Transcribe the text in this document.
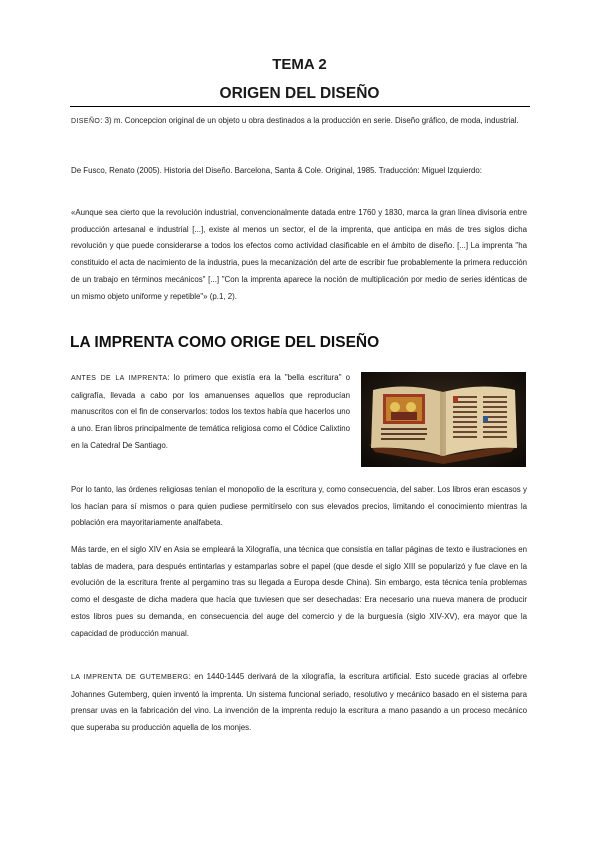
TEMA 2
ORIGEN DEL DISEÑO

DISEÑO: 3) m. Concepcion original de un objeto u obra destinados a la producción en serie. Diseño gráfico, de moda, industrial.

De Fusco, Renato (2005). Historia del Diseño. Barcelona, Santa & Cole. Original, 1985. Traducción: Miguel Izquierdo:

«Aunque sea cierto que la revolución industrial, convencionalmente datada entre 1760 y 1830, marca la gran línea divisoria entre producción artesanal e industrial [...], existe al menos un sector, el de la imprenta, que anticipa en más de tres siglos dicha revolución y que puede considerarse a todos los efectos como actividad clasificable en el ámbito de diseño. [...] La imprenta "ha constituido el acta de nacimiento de la industria, pues la mecanización del arte de escribir fue probablemente la primera reducción de un trabajo en términos mecánicos" [...] "Con la imprenta aparece la noción de multiplicación por medio de series idénticas de un mismo objeto uniforme y repetible"» (p.1, 2).

LA IMPRENTA COMO ORIGE DEL DISEÑO

ANTES DE LA IMPRENTA: lo primero que existía era la "bella escritura" o caligrafía, llevada a cabo por los amanuenses aquellos que reproducían manuscritos con el fin de conservarlos: todos los textos había que hacerlos uno a uno. Eran libros principalmente de temática religiosa como el Códice Calixtino en la Catedral De Santiago.

Por lo tanto, las órdenes religiosas tenían el monopolio de la escritura y, como consecuencia, del saber. Los libros eran escasos y los hacían para sí mismos o para quien pudiese permitírselo con sus elevados precios, limitando el conocimiento mientras la población era mayoritariamente analfabeta.

Más tarde, en el siglo XIV en Asia se empleará la Xilografía, una técnica que consistía en tallar páginas de texto e ilustraciones en tablas de madera, para después entintarlas y estamparlas sobre el papel (que desde el siglo XIII se popularizó y fue clave en la evolución de la escritura frente al pergamino tras su llegada a Europa desde China). Sin embargo, esta técnica tenía problemas como el desgaste de dicha madera que hacía que tuviesen que ser desechadas: Era necesario una nueva manera de producir estos libros pues su demanda, en consecuencia del auge del comercio y de la burguesía (siglo XIV-XV), era mayor que la capacidad de producción manual.

LA IMPRENTA DE GUTEMBERG: en 1440-1445 derivará de la xilografía, la escritura artificial. Esto sucede gracias al orfebre Johannes Gutemberg, quien inventó la imprenta. Un sistema funcional seriado, resolutivo y mecánico basado en el sistema para prensar uvas en la fabricación del vino. La invención de la imprenta redujo la escritura a mano pasando a un proceso mecánico que superaba su producción aquella de los monjes.
